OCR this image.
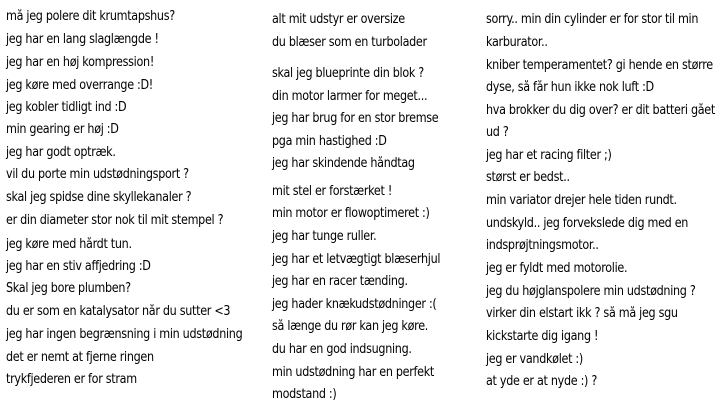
må jeg polere dit krumtapshus?
jeg har en lang slaglængde !
jeg har en høj kompression!
jeg køre med overrange :D!
jeg kobler tidligt ind :D
min gearing er høj :D
jeg har godt optræk.
vil du porte min udstødningsport ?
skal jeg spidse dine skyllekanaler ?
er din diameter stor nok til mit stempel ?
jeg køre med hårdt tun.
jeg har en stiv affjedring :D
Skal jeg bore plumben?
du er som en katalysator når du sutter <3
jeg har ingen begrænsning i min udstødning
det er nemt at fjerne ringen
trykfjederen er for stram
alt mit udstyr er oversize
du blæser som en turbolader
skal jeg blueprinte din blok ?
din motor larmer for meget...
jeg har brug for en stor bremse
pga min hastighed :D
jeg har skindende håndtag
mit stel er forstærket !
min motor er flowoptimeret :)
jeg har tunge ruller.
jeg har et letvægtigt blæserhjul
jeg har en racer tænding.
jeg hader knækudstødninger :(
så længe du rør kan jeg køre.
du har en god indsugning.
min udstødning har en perfekt
modstand :)
sorry.. min din cylinder er for stor til min
karburator..
kniber temperamentet? gi hende en større
dyse, så får hun ikke nok luft :D
hva brokker du dig over? er dit batteri gået
ud ?
jeg har et racing filter ;)
størst er bedst..
min variator drejer hele tiden rundt.
undskyld.. jeg forvekslede dig med en
indsprøjtningsmotor..
jeg er fyldt med motorolie.
jeg du højglanspolere min udstødning ?
virker din elstart ikk ? så må jeg sgu
kickstarte dig igang !
jeg er vandkølet :)
at yde er at nyde :) ?
